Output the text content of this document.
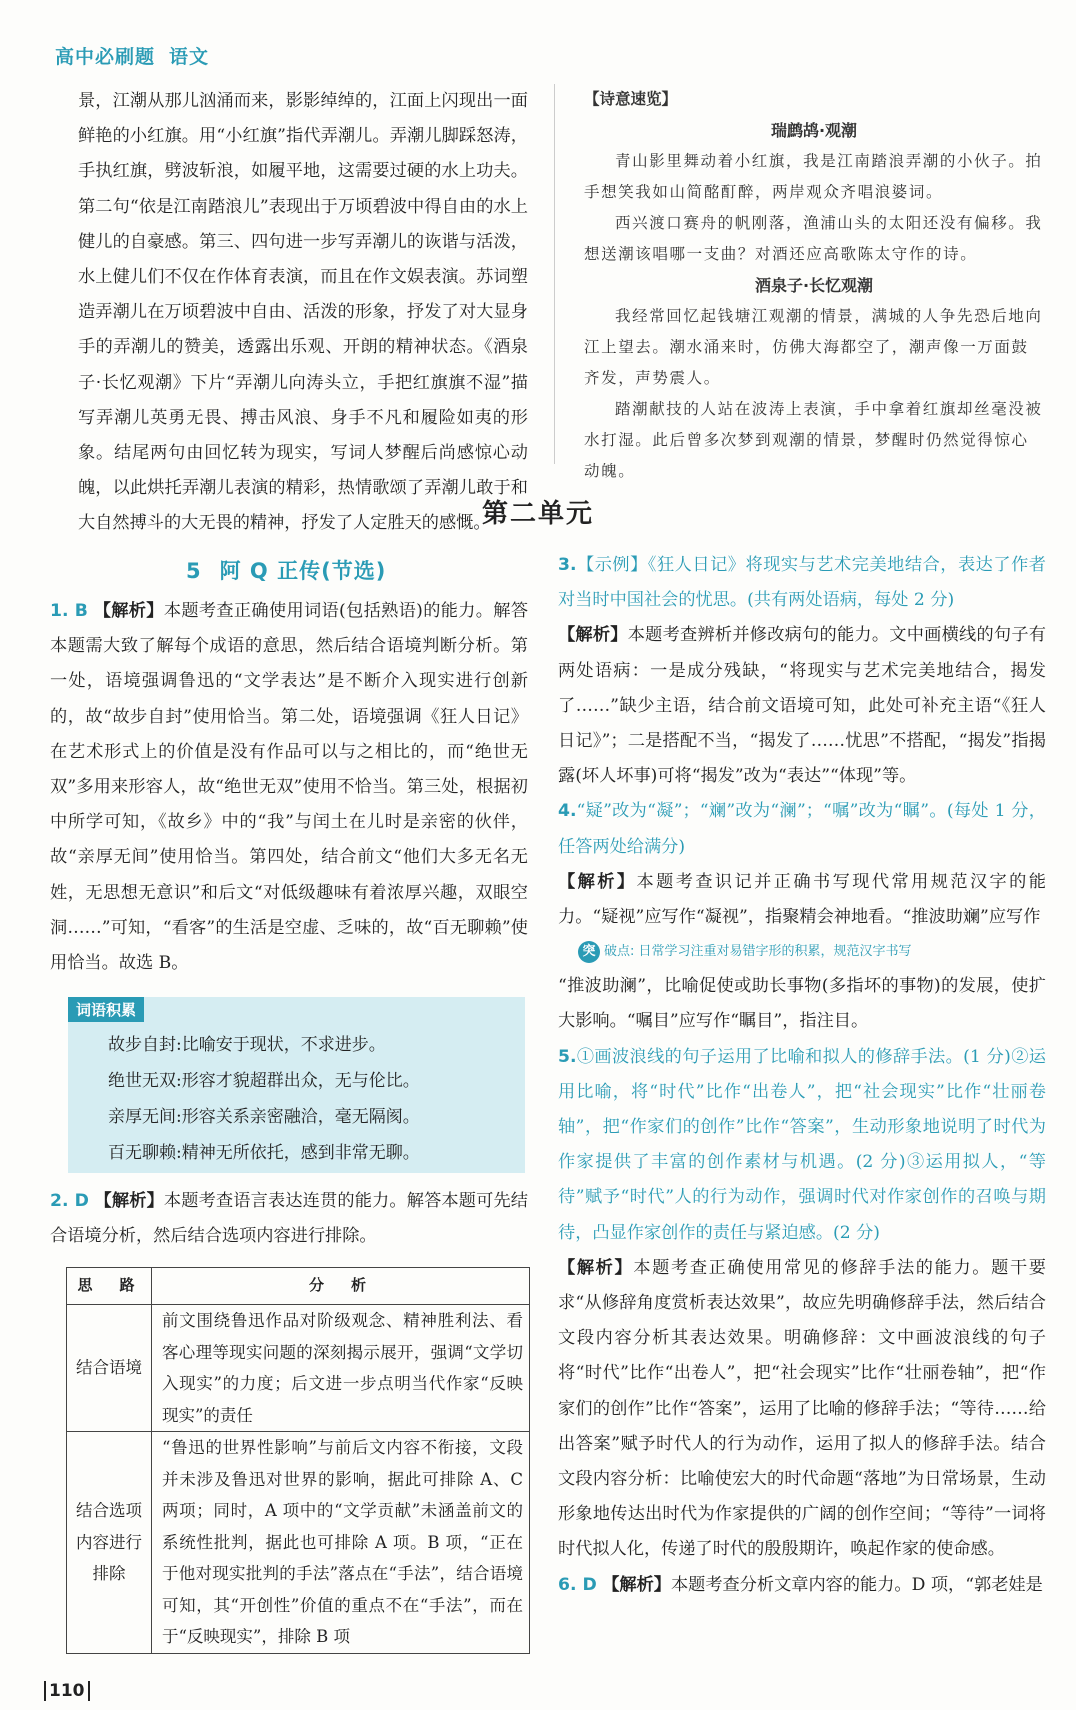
高中必刷题 语文

景，江潮从那儿汹涌而来，影影绰绰的，江面上闪现出一面鲜艳的小红旗。用“小红旗”指代弄潮儿。弄潮儿脚踩怒涛，手执红旗，劈波斩浪，如履平地，这需要过硬的水上功夫。第二句“依是江南踏浪儿”表现出于万顷碧波中得自由的水上健儿的自豪感。第三、四句进一步写弄潮儿的诙谐与活泼，水上健儿们不仅在作体育表演，而且在作文娱表演。苏词塑造弄潮儿在万顷碧波中自由、活泼的形象，抒发了对大显身手的弄潮儿的赞美，透露出乐观、开朗的精神状态。《酒泉子·长忆观潮》下片“弄潮儿向涛头立，手把红旗旗不湿”描写弄潮儿英勇无畏、搏击风浪、身手不凡和履险如夷的形象。结尾两句由回忆转为现实，写词人梦醒后尚感惊心动魄，以此烘托弄潮儿表演的精彩，热情歌颂了弄潮儿敢于和大自然搏斗的大无畏的精神，抒发了人定胜天的感慨。

【诗意速览】
瑞鹧鸪·观潮

青山影里舞动着小红旗，我是江南踏浪弄潮的小伙子。拍手想笑我如山简酩酊醉，两岸观众齐唱浪婆词。

西兴渡口赛舟的帆刚落，渔浦山头的太阳还没有偏移。我想送潮该唱哪一支曲？对酒还应高歌陈太守作的诗。

酒泉子·长忆观潮

我经常回忆起钱塘江观潮的情景，满城的人争先恐后地向江上望去。潮水涌来时，仿佛大海都空了，潮声像一万面鼓齐发，声势震人。

踏潮献技的人站在波涛上表演，手中拿着红旗却丝毫没被水打湿。此后曾多次梦到观潮的情景，梦醒时仍然觉得惊心动魄。

第二单元
5 阿 Q 正传(节选)

1. B 【解析】本题考查正确使用词语(包括熟语)的能力。解答本题需大致了解每个成语的意思，然后结合语境判断分析。第一处，语境强调鲁迅的“文学表达”是不断介入现实进行创新的，故“故步自封”使用恰当。第二处，语境强调《狂人日记》在艺术形式上的价值是没有作品可以与之相比的，而“绝世无双”多用来形容人，故“绝世无双”使用不恰当。第三处，根据初中所学可知，《故乡》中的“我”与闰土在儿时是亲密的伙伴，故“亲厚无间”使用恰当。第四处，结合前文“他们大多无名无姓，无思想无意识”和后文“对低级趣味有着浓厚兴趣，双眼空洞……”可知，“看客”的生活是空虚、乏味的，故“百无聊赖”使用恰当。故选 B。

词语积累
故步自封:比喻安于现状，不求进步。
绝世无双:形容才貌超群出众，无与伦比。
亲厚无间:形容关系亲密融洽，毫无隔阂。
百无聊赖:精神无所依托，感到非常无聊。

2. D 【解析】本题考查语言表达连贯的能力。解答本题可先结合语境分析，然后结合选项内容进行排除。

思　路	分　析
结合语境	前文围绕鲁迅作品对阶级观念、精神胜利法、看客心理等现实问题的深刻揭示展开，强调“文学切入现实”的力度；后文进一步点明当代作家“反映现实”的责任
结合选项内容进行排除	“鲁迅的世界性影响”与前后文内容不衔接，文段并未涉及鲁迅对世界的影响，据此可排除 A、C 两项；同时，A 项中的“文学贡献”未涵盖前文的系统性批判，据此也可排除 A 项。B 项，“正在于他对现实批判的手法”落点在“手法”，结合语境可知，其“开创性”价值的重点不在“手法”，而在于“反映现实”，排除 B 项

3.【示例】《狂人日记》将现实与艺术完美地结合，表达了作者对当时中国社会的忧思。(共有两处语病，每处 2 分)

【解析】本题考查辨析并修改病句的能力。文中画横线的句子有两处语病：一是成分残缺，“将现实与艺术完美地结合，揭发了……”缺少主语，结合前文语境可知，此处可补充主语“《狂人日记》”；二是搭配不当，“揭发了……忧思”不搭配，“揭发”指揭露(坏人坏事)可将“揭发”改为“表达”“体现”等。

4.“疑”改为“凝”；“斓”改为“澜”；“嘱”改为“瞩”。(每处 1 分，任答两处给满分)

【解析】本题考查识记并正确书写现代常用规范汉字的能力。“疑视”应写作“凝视”，指聚精会神地看。“推波助斓”应写作

突 破点: 日常学习注重对易错字形的积累，规范汉字书写

“推波助澜”，比喻促使或助长事物(多指坏的事物)的发展，使扩大影响。“嘱目”应写作“瞩目”，指注目。

5.①画波浪线的句子运用了比喻和拟人的修辞手法。(1 分)②运用比喻，将“时代”比作“出卷人”，把“社会现实”比作“壮丽卷轴”，把“作家们的创作”比作“答案”，生动形象地说明了时代为作家提供了丰富的创作素材与机遇。(2 分)③运用拟人，“等待”赋予“时代”人的行为动作，强调时代对作家创作的召唤与期待，凸显作家创作的责任与紧迫感。(2 分)

【解析】本题考查正确使用常见的修辞手法的能力。题干要求“从修辞角度赏析表达效果”，故应先明确修辞手法，然后结合文段内容分析其表达效果。明确修辞：文中画波浪线的句子将“时代”比作“出卷人”，把“社会现实”比作“壮丽卷轴”，把“作家们的创作”比作“答案”，运用了比喻的修辞手法；“等待……给出答案”赋予时代人的行为动作，运用了拟人的修辞手法。结合文段内容分析：比喻使宏大的时代命题“落地”为日常场景，生动形象地传达出时代为作家提供的广阔的创作空间；“等待”一词将时代拟人化，传递了时代的殷殷期许，唤起作家的使命感。

6. D 【解析】本题考查分析文章内容的能力。D 项，“郭老娃是

110
